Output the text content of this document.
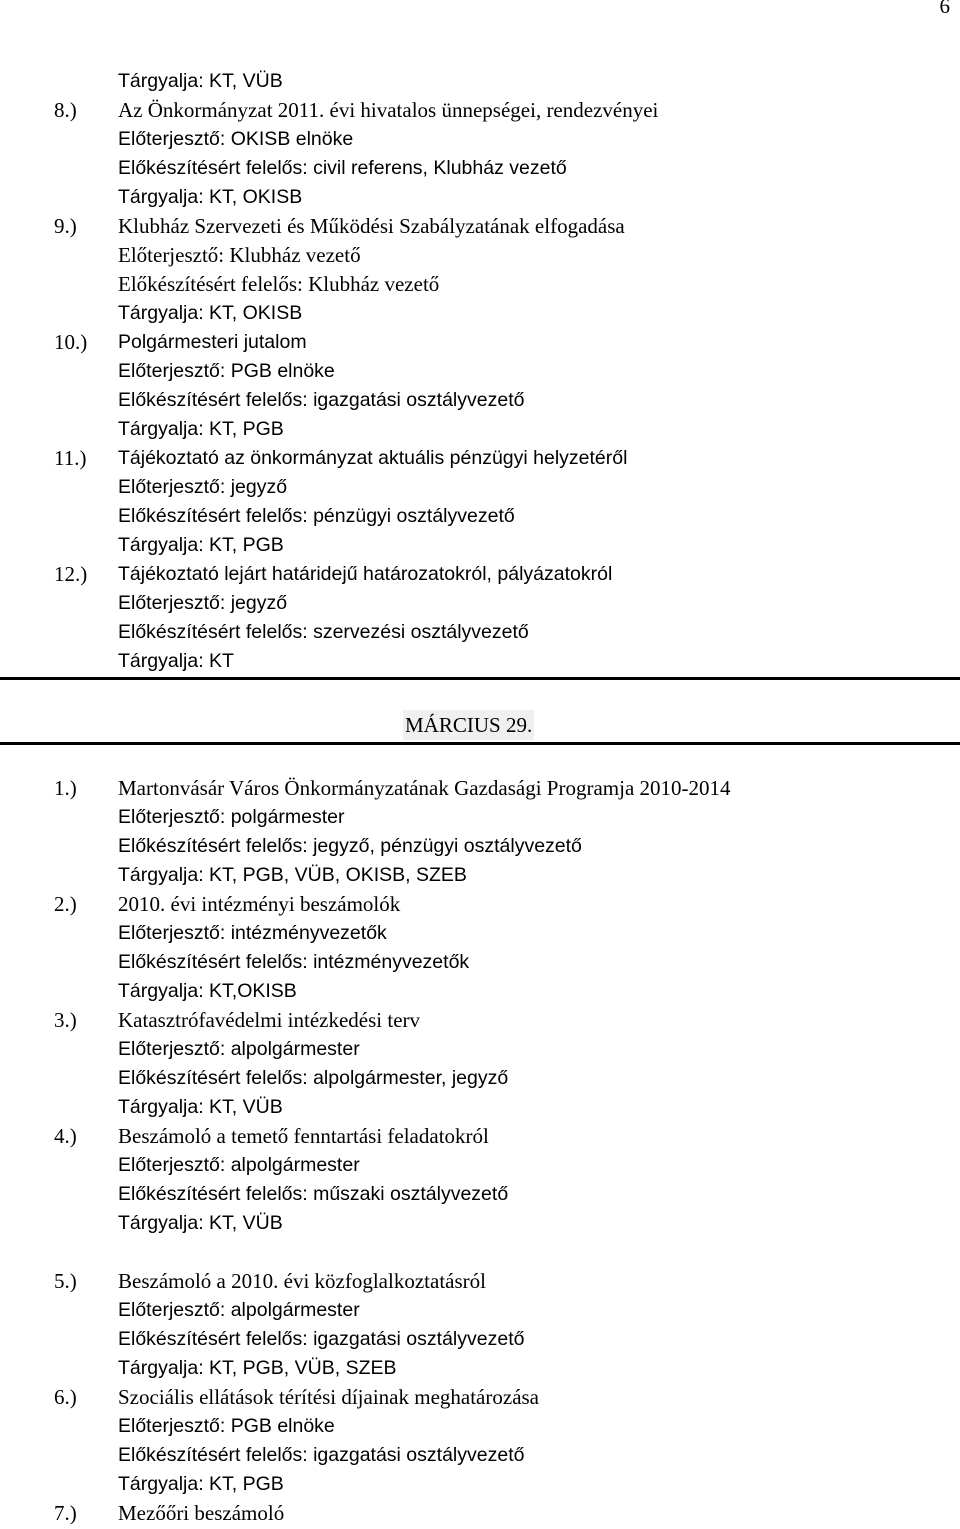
6
Tárgyalja: KT, VÜB
8.) Az Önkormányzat 2011. évi hivatalos ünnepségei, rendezvényei
Előterjesztő: OKISB elnöke
Előkészítésért felelős: civil referens, Klubház vezető
Tárgyalja: KT, OKISB
9.) Klubház Szervezeti és Működési Szabályzatának elfogadása
Előterjesztő: Klubház vezető
Előkészítésért felelős: Klubház vezető
Tárgyalja: KT, OKISB
10.) Polgármesteri jutalom
Előterjesztő: PGB elnöke
Előkészítésért felelős: igazgatási osztályvezető
Tárgyalja: KT, PGB
11.) Tájékoztató az önkormányzat aktuális pénzügyi helyzetéről
Előterjesztő: jegyző
Előkészítésért felelős: pénzügyi osztályvezető
Tárgyalja: KT, PGB
12.) Tájékoztató lejárt határidejű határozatokról, pályázatokról
Előterjesztő: jegyző
Előkészítésért felelős: szervezési osztályvezető
Tárgyalja: KT
MÁRCIUS 29.
1.) Martonvásár Város Önkormányzatának Gazdasági Programja 2010-2014
Előterjesztő: polgármester
Előkészítésért felelős: jegyző, pénzügyi osztályvezető
Tárgyalja: KT, PGB, VÜB, OKISB, SZEB
2.) 2010. évi intézményi beszámolók
Előterjesztő: intézményvezetők
Előkészítésért felelős: intézményvezetők
Tárgyalja: KT,OKISB
3.) Katasztrófavédelmi intézkedési terv
Előterjesztő: alpolgármester
Előkészítésért felelős: alpolgármester, jegyző
Tárgyalja: KT, VÜB
4.) Beszámoló a temető fenntartási feladatokról
Előterjesztő: alpolgármester
Előkészítésért felelős: műszaki osztályvezető
Tárgyalja: KT, VÜB
5.) Beszámoló a 2010. évi közfoglalkoztatásról
Előterjesztő: alpolgármester
Előkészítésért felelős: igazgatási osztályvezető
Tárgyalja: KT, PGB, VÜB, SZEB
6.) Szociális ellátások térítési díjainak meghatározása
Előterjesztő: PGB elnöke
Előkészítésért felelős: igazgatási osztályvezető
Tárgyalja: KT, PGB
7.) Mezőőri beszámoló
